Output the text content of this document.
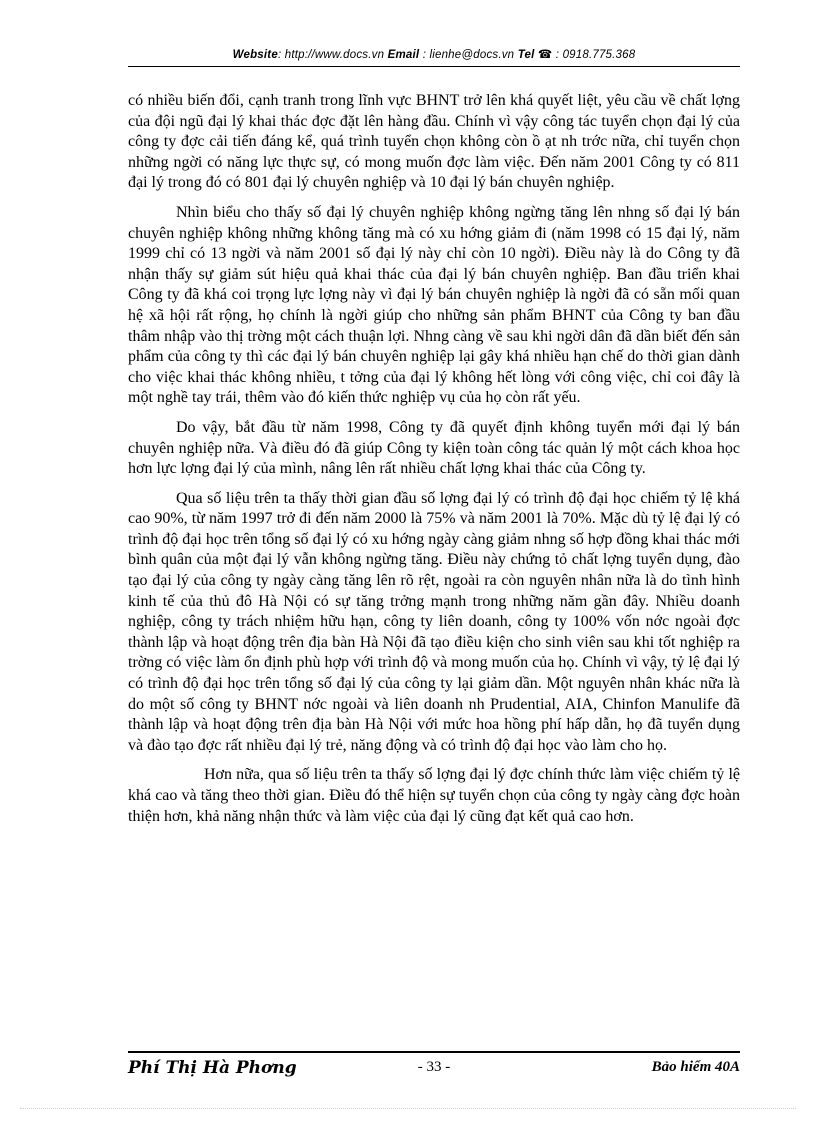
Website: http://www.docs.vn Email : lienhe@docs.vn Tel ☎ : 0918.775.368

có nhiều biến đổi, cạnh tranh trong lĩnh vực BHNT trở lên khá quyết liệt, yêu cầu về chất lợng của đội ngũ đại lý khai thác đợc đặt lên hàng đầu. Chính vì vậy công tác tuyển chọn đại lý của công ty đợc cải tiến đáng kể, quá trình tuyển chọn không còn ồ ạt nh trớc nữa, chỉ tuyển chọn những ngời có năng lực thực sự, có mong muốn đợc làm việc. Đến năm 2001 Công ty có 811 đại lý trong đó có 801 đại lý chuyên nghiệp và 10 đại lý bán chuyên nghiệp.

Nhìn biểu cho thấy số đại lý chuyên nghiệp không ngừng tăng lên nhng số đại lý bán chuyên nghiệp không những không tăng mà có xu hớng giảm đi (năm 1998 có 15 đại lý, năm 1999 chỉ có 13 ngời và năm 2001 số đại lý này chỉ còn 10 ngời). Điều này là do Công ty đã nhận thấy sự giảm sút hiệu quả khai thác của đại lý bán chuyên nghiệp. Ban đầu triển khai Công ty đã khá coi trọng lực lợng này vì đại lý bán chuyên nghiệp là ngời đã có sẵn mối quan hệ xã hội rất rộng, họ chính là ngời giúp cho những sản phẩm BHNT của Công ty ban đầu thâm nhập vào thị trờng một cách thuận lợi. Nhng càng về sau khi ngời dân đã dần biết đến sản phẩm của công ty thì các đại lý bán chuyên nghiệp lại gây khá nhiều hạn chế do thời gian dành cho việc khai thác không nhiều, t tởng của đại lý không hết lòng với công việc, chỉ coi đây là một nghề tay trái, thêm vào đó kiến thức nghiệp vụ của họ còn rất yếu.

Do vậy, bắt đầu từ năm 1998, Công ty đã quyết định không tuyển mới đại lý bán chuyên nghiệp nữa. Và điều đó đã giúp Công ty kiện toàn công tác quản lý một cách khoa học hơn lực lợng đại lý của mình, nâng lên rất nhiều chất lợng khai thác của Công ty.

Qua số liệu trên ta thấy thời gian đầu số lợng đại lý có trình độ đại học chiếm tỷ lệ khá cao 90%, từ năm 1997 trở đi đến năm 2000 là 75% và năm 2001 là 70%. Mặc dù tỷ lệ đại lý có trình độ đại học trên tổng số đại lý có xu hớng ngày càng giảm nhng số hợp đồng khai thác mới bình quân của một đại lý vẫn không ngừng tăng. Điều này chứng tỏ chất lợng tuyển dụng, đào tạo đại lý của công ty ngày càng tăng lên rõ rệt, ngoài ra còn nguyên nhân nữa là do tình hình kinh tế của thủ đô Hà Nội có sự tăng trởng mạnh trong những năm gần đây. Nhiều doanh nghiệp, công ty trách nhiệm hữu hạn, công ty liên doanh, công ty 100% vốn nớc ngoài đợc thành lập và hoạt động trên địa bàn Hà Nội đã tạo điều kiện cho sinh viên sau khi tốt nghiệp ra trờng có việc làm ổn định phù hợp với trình độ và mong muốn của họ. Chính vì vậy, tỷ lệ đại lý có trình độ đại học trên tổng số đại lý của công ty lại giảm dần. Một nguyên nhân khác nữa là do một số công ty BHNT nớc ngoài và liên doanh nh Prudential, AIA, Chinfon Manulife đã thành lập và hoạt động trên địa bàn Hà Nội với mức hoa hồng phí hấp dẫn, họ đã tuyển dụng và đào tạo đợc rất nhiều đại lý trẻ, năng động và có trình độ đại học vào làm cho họ.

Hơn nữa, qua số liệu trên ta thấy số lợng đại lý đợc chính thức làm việc chiếm tỷ lệ khá cao và tăng theo thời gian. Điều đó thể hiện sự tuyển chọn của công ty ngày càng đợc hoàn thiện hơn, khả năng nhận thức và làm việc của đại lý cũng đạt kết quả cao hơn.

Phí Thị Hà Phơng	- 33 -	Bảo hiểm 40A
